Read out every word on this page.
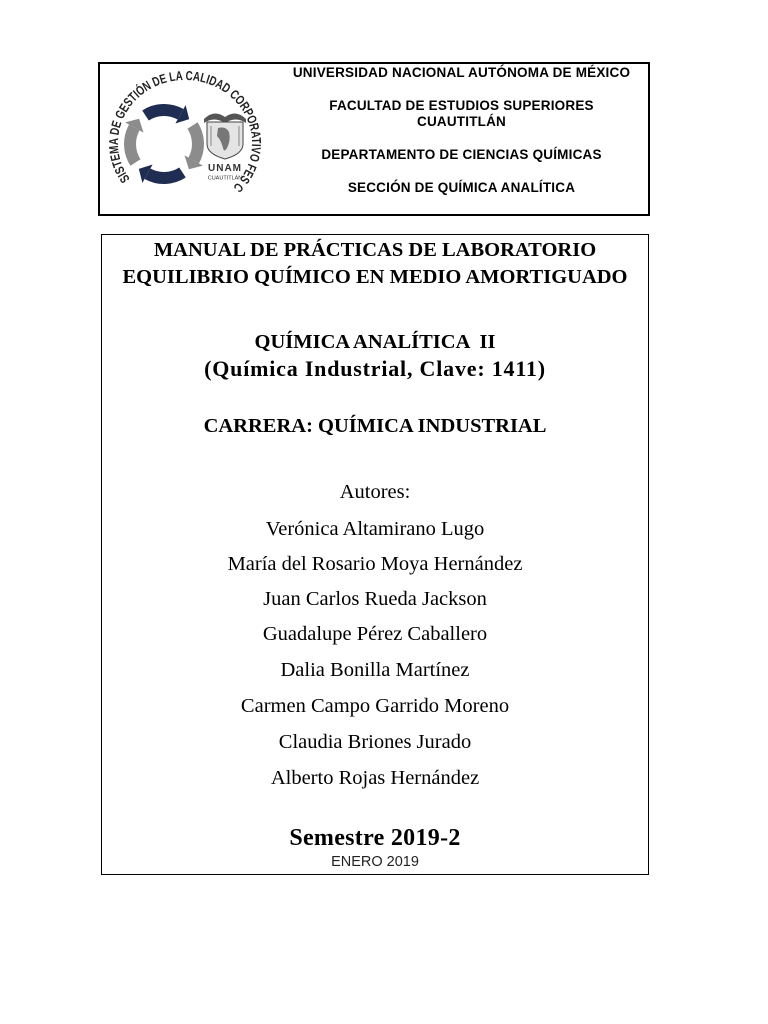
SISTEMA DE GESTIÓN DE LA CALIDAD CORPORATIVO FES C
UNAM
CUAUTITLÁN
UNIVERSIDAD NACIONAL AUTÓNOMA DE MÉXICO
FACULTAD DE ESTUDIOS SUPERIORES
CUAUTITLÁN
DEPARTAMENTO DE CIENCIAS QUÍMICAS
SECCIÓN DE QUÍMICA ANALÍTICA
MANUAL DE PRÁCTICAS DE LABORATORIO
EQUILIBRIO QUÍMICO EN MEDIO AMORTIGUADO
QUÍMICA ANALÍTICA  II
(Química Industrial, Clave: 1411)
CARRERA: QUÍMICA INDUSTRIAL
Autores:
Verónica Altamirano Lugo
María del Rosario Moya Hernández
Juan Carlos Rueda Jackson
Guadalupe Pérez Caballero
Dalia Bonilla Martínez
Carmen Campo Garrido Moreno
Claudia Briones Jurado
Alberto Rojas Hernández
Semestre 2019-2
ENERO 2019
